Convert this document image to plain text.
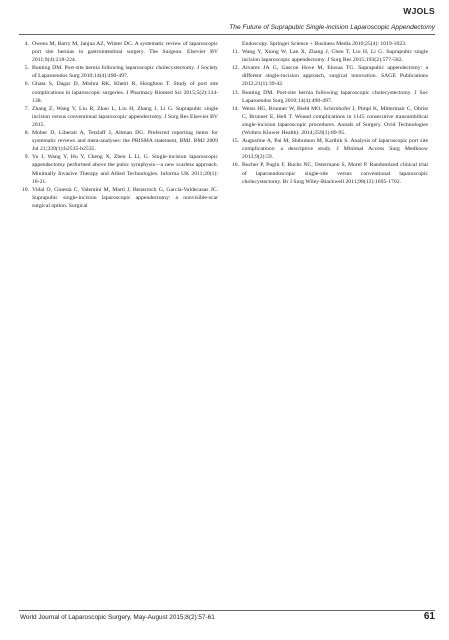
WJOLS
The Future of Suprapubic Single-incision Laparoscopic Appendectomy
4. Owens M, Barry M, Janjua AZ, Winter DC. A systematic review of laparoscopic port site hernias in gastrointestinal surgery. The Surgeon. Elsevier BV 2011;9(4):218-224.
5. Bunting DM. Port-site hernia following laparoscopic cholecystectomy. J Society of Laparoendos Surg 2010;14(4):490-497.
6. Ghata S, Dagar D, Mishra RK, Khetri R, Houghton T. Study of port site complications in laparoscopic surgeries. J Pharmacy Biomed Sci 2015;5(2):134-138.
7. Zhang Z, Wang Y, Liu R, Zhao L, Liu H, Zhang J, Li G. Suprapubic single incision versus conventional laparoscopic appendectomy. J Surg Res Elsevier BV 2015.
8. Moher D, Liberati A, Tetzlaff J, Altman DG. Preferred reporting items for systematic reviews and meta-analyses: the PRISMA statement, BMJ. BMJ 2009 Jul 21;339(1):b2535-b2535.
9. Yu J, Wang Y, Hu Y, Cheng X, Zhen L Li, G. Single-incision laparoscopic appendectomy performed above the pubic symphysis—a new scarless approach. Minimally Invasive Therapy and Allied Technologies. Informa UK 2011;20(1): 18-21.
10. Vidal O, Ginestà C, Valentini M, Martí J, Benarroch G, García-Valdecasas JC. Suprapubic single-incision laparoscopic appendectomy: a nonvisible-scar surgical option. Surgical
Endoscopy. Springer Science + Business Media 2010;25(4): 1019-1023.
11. Wang Y, Xiong W, Lan X, Zhang J, Chen T, Liu H, Li G. Suprapubic single incision laparoscopic appendectomy. J Surg Res 2015;193(2):577-582.
12. Alvarez JA G, Gascon Hove M, Elosua TG. Suprapubic appendectomy: a different single-incision approach, surgical innovation. SAGE Publications 2012;21(1):39-42.
13. Bunting DM. Port-site hernia following laparoscopic cholecystectomy. J Soc Laparoendos Surg 2010;14(4):490-497.
14. Weiss HG, Brunner W, Biebl MO, Schirnhofer J, Pimpl K, Mittermair C, Obrist C, Brunner E, Hell T. Wound complications in 1145 consecutive transumbilical single-incision laparoscopic procedures. Annals of Surgery. Ovid Technologies (Wolters Kluwer Health). 2014;259(1):89-95.
15. Augustine A, Pai M, Shibumon M, Karthik S. Analysis of laparoscopic port site complications: a descriptive study. J Minimal Access Surg Medknow 2013;9(2):59.
16. Bucher P, Pugin F, Buchs NC, Ostermann S, Morel P. Randomized clinical trial of laparoendoscopic single-site versus conventional laparoscopic cholecystectomy. Br J Surg Wiley-Blackwell 2011;98(12):1695-1702.
World Journal of Laparoscopic Surgery, May-August 2015;8(2):57-61	61
